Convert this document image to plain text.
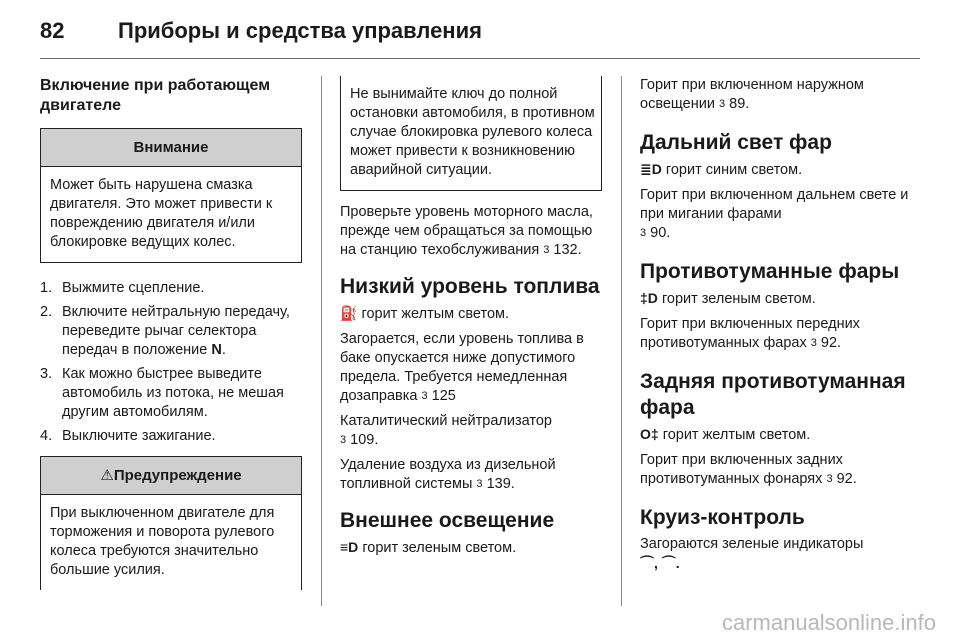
82 Приборы и средства управления
Включение при работающем двигателе
Внимание
Может быть нарушена смазка двигателя. Это может привести к повреждению двигателя и/или блокировке ведущих колес.
1. Выжмите сцепление.
2. Включите нейтральную передачу, переведите рычаг селектора передач в положение N.
3. Как можно быстрее выведите автомобиль из потока, не мешая другим автомобилям.
4. Выключите зажигание.
⚠Предупреждение
При выключенном двигателе для торможения и поворота рулевого колеса требуются значительно большие усилия.
Не вынимайте ключ до полной остановки автомобиля, в противном случае блокировка рулевого колеса может привести к возникновению аварийной ситуации.
Проверьте уровень моторного масла, прежде чем обращаться за помощью на станцию техобслуживания 3 132.
Низкий уровень топлива
⛽ горит желтым светом.
Загорается, если уровень топлива в баке опускается ниже допустимого предела. Требуется немедленная дозаправка 3 125
Каталитический нейтрализатор
3 109.
Удаление воздуха из дизельной топливной системы 3 139.
Внешнее освещение
≡D горит зеленым светом.
Горит при включенном наружном освещении 3 89.
Дальний свет фар
≣D горит синим светом.
Горит при включенном дальнем свете и при мигании фарами
3 90.
Противотуманные фары
‡D горит зеленым светом.
Горит при включенных передних противотуманных фарах 3 92.
Задняя противотуманная фара
O‡ горит желтым светом.
Горит при включенных задних противотуманных фонарях 3 92.
Круиз-контроль
Загораются зеленые индикаторы
⌒, ⌒.
carmanualsonline.info
